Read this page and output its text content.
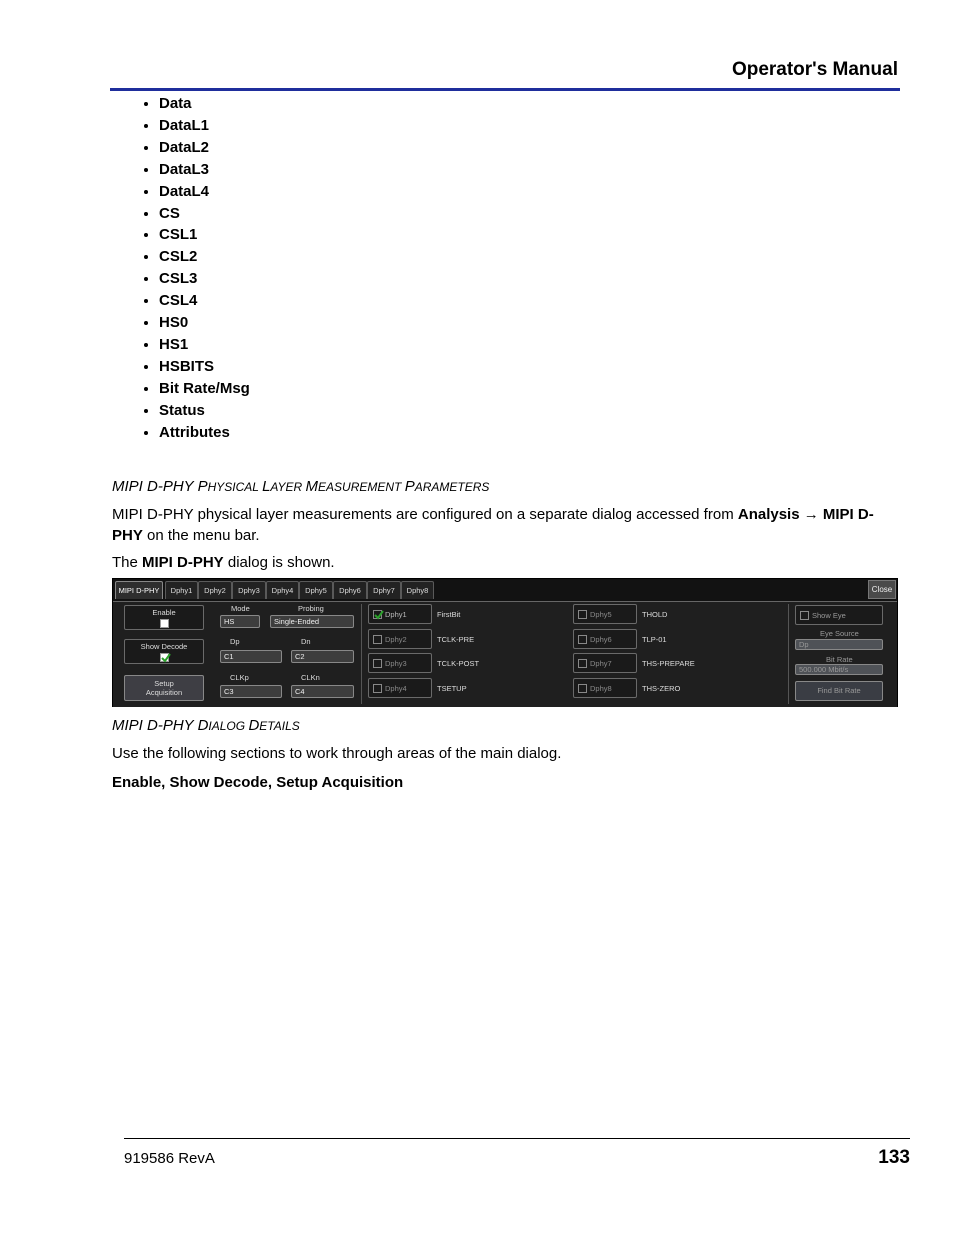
Operator's Manual
• Data
• DataL1
• DataL2
• DataL3
• DataL4
• CS
• CSL1
• CSL2
• CSL3
• CSL4
• HS0
• HS1
• HSBITS
• Bit Rate/Msg
• Status
• Attributes
MIPI D-PHY PHYSICAL LAYER MEASUREMENT PARAMETERS
MIPI D-PHY physical layer measurements are configured on a separate dialog accessed from Analysis → MIPI D-PHY on the menu bar.
The MIPI D-PHY dialog is shown.
MIPI D-PHY	Dphy1	Dphy2	Dphy3	Dphy4	Dphy5	Dphy6	Dphy7	Dphy8	Close
Enable
Show Decode
Setup
Acquisition
Mode
HS
Probing
Single-Ended
Dp
C1
Dn
C2
CLKp
C3
CLKn
C4
Dphy1	FirstBit
Dphy2	TCLK-PRE
Dphy3	TCLK-POST
Dphy4	TSETUP
Dphy5	THOLD
Dphy6	TLP-01
Dphy7	THS-PREPARE
Dphy8	THS-ZERO
Show Eye
Eye Source
Dp
Bit Rate
500.000 Mbit/s
Find Bit Rate
MIPI D-PHY DIALOG DETAILS
Use the following sections to work through areas of the main dialog.
Enable, Show Decode, Setup Acquisition
919586 RevA	133
